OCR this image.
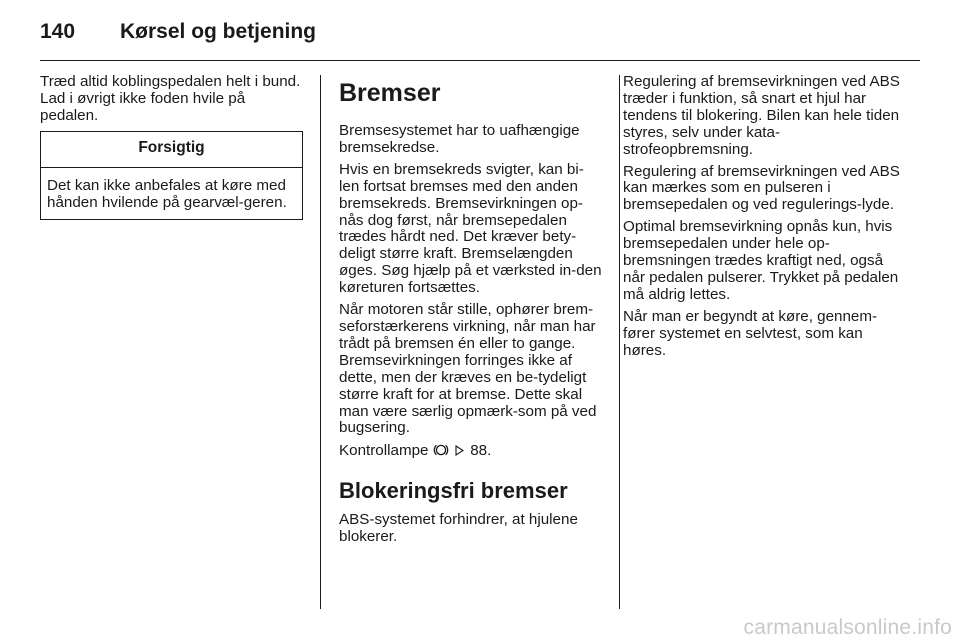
140	Kørsel og betjening

Træd altid koblingspedalen helt i bund. Lad i øvrigt ikke foden hvile på pedalen.

Forsigtig
Det kan ikke anbefales at køre med hånden hvilende på gearvæl-geren.
Bremser

Bremsesystemet har to uafhængige bremsekredse.

Hvis en bremsekreds svigter, kan bi-len fortsat bremses med den anden bremsekreds. Bremsevirkningen op-nås dog først, når bremsepedalen trædes hårdt ned. Det kræver bety-deligt større kraft. Bremselængden øges. Søg hjælp på et værksted in-den køreturen fortsættes.

Når motoren står stille, ophører brem-seforstærkerens virkning, når man har trådt på bremsen én eller to gange. Bremsevirkningen forringes ikke af dette, men der kræves en be-tydeligt større kraft for at bremse. Dette skal man være særlig opmærk-som på ved bugsering.

Kontrollampe	88.

Blokeringsfri bremser

ABS-systemet forhindrer, at hjulene blokerer.

Regulering af bremsevirkningen ved ABS træder i funktion, så snart et hjul har tendens til blokering. Bilen kan hele tiden styres, selv under kata-strofeopbremsning.

Regulering af bremsevirkningen ved ABS kan mærkes som en pulseren i bremsepedalen og ved regulerings-lyde.

Optimal bremsevirkning opnås kun, hvis bremsepedalen under hele op-bremsningen trædes kraftigt ned, også når pedalen pulserer. Trykket på pedalen må aldrig lettes.

Når man er begyndt at køre, gennem-fører systemet en selvtest, som kan høres.

carmanualsonline.info
